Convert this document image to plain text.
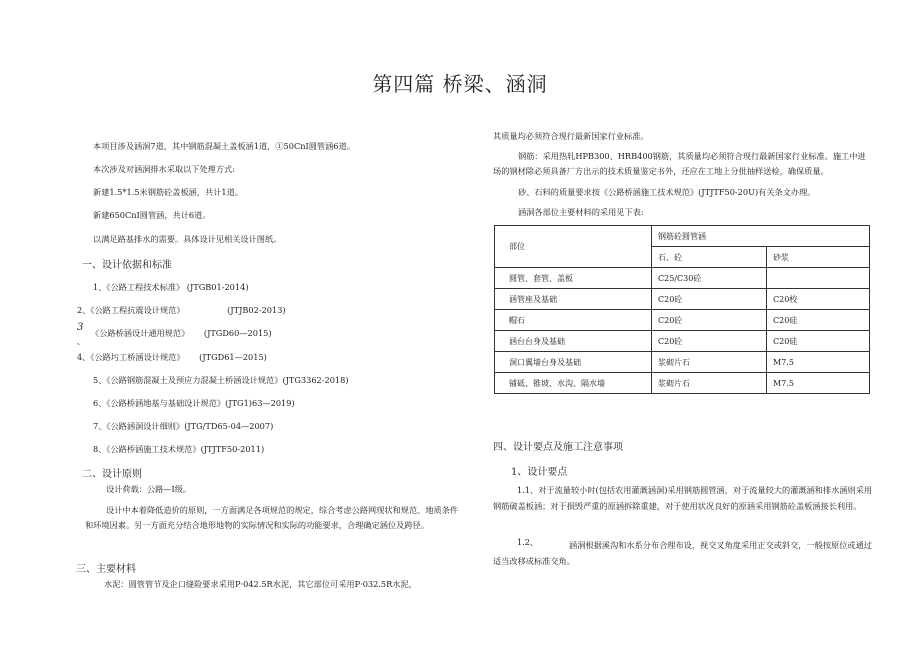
第四篇 桥梁、涵洞
本项目涉及涵洞7道，其中钢筋混凝土盖板涵1道，①50CnI圆管涵6道。
本次涉及对涵洞排水采取以下处理方式:
新建1.5*1.5米钢筋砼盖板涵，共计1道。
新建650CnI圆管涵，共计6道。
以满足路基排水的需要。具体设计见相关设计图纸。
一、设计依据和标准
1、《公路工程技术标准》 (JTGB01-2014)
2、《公路工程抗震设计规范》	(JTJB02-2013)
3
、
《公路桥涵设计通用规范》 (JTGD60—2015)
4、《公路圬工桥涵设计规范》 (JTGD61—2015)
5、《公路钢筋混凝土及预应力混凝土桥涵设计规范》(JTG3362-2018)
6、《公路桥涵地基与基础设计规范》(JTG1)63—2019)
7、《公路涵洞设计细则》(JTG/TD65-04—2007)
8、《公路桥涵施工技术规范》(JTJTF50-2011)
二、设计原则
设计荷载：公路—I级。
设计中本着降低造价的原则，一方面满足各项规范的规定，综合考虑公路网现状和规范、地质条件和环境因素。另一方面充分结合地形地物的实际情况和实际的功能要求，合理确定涵位及跨径。
三、主要材料
水泥：圆管管节及企口缝险要求采用P·042.5R水泥，其它部位可采用P·032.5R水泥，
其质量均必须符合现行最新国家行业标准。
钢筋：采用热轧HPB300、HRB400钢筋，其质量均必须符合现行最新国家行业标准。施工中进场的钢材除必须具备厂方出示的技术质量鉴定书外，还应在工地上分批抽样送检，确保质量。
砂、石料的质量要求按《公路桥涵施工技术规范》(JTJTF50-20U)有关条文办理。
涵洞各部位主要材料的采用见下表:
部位	钢筋砼圆管涵	
	石、砼	砂浆
圆管、套管、盖板	C25/C30砼	
涵管座及基础	C20砼	C20校
帽石	C20砼	C20硅
涵台台身及基础	C20砼	C20硅
洞口翼墙台身及基础	浆砌片石	M7.5
铺砥、锥坡、水沟、隔水墙	浆砌片石	M7.5
四、设计要点及施工注意事项
1、设计要点
1.1、对于流量较小时(包括农用灌溉涵洞)采用钢筋圆管涵，对于流量较大的灌溉涵和排水涵则采用钢筋破盖板涵；对于损毁严重的原涵拆除重建，对于使用状况良好的原涵采用钢筋砼盖板涵接长利用。
1.2、	涵洞根据溪沟和水系分布合理布设，视交叉角度采用正交或斜交，一般按原位或通过适当改移成标准交角。
